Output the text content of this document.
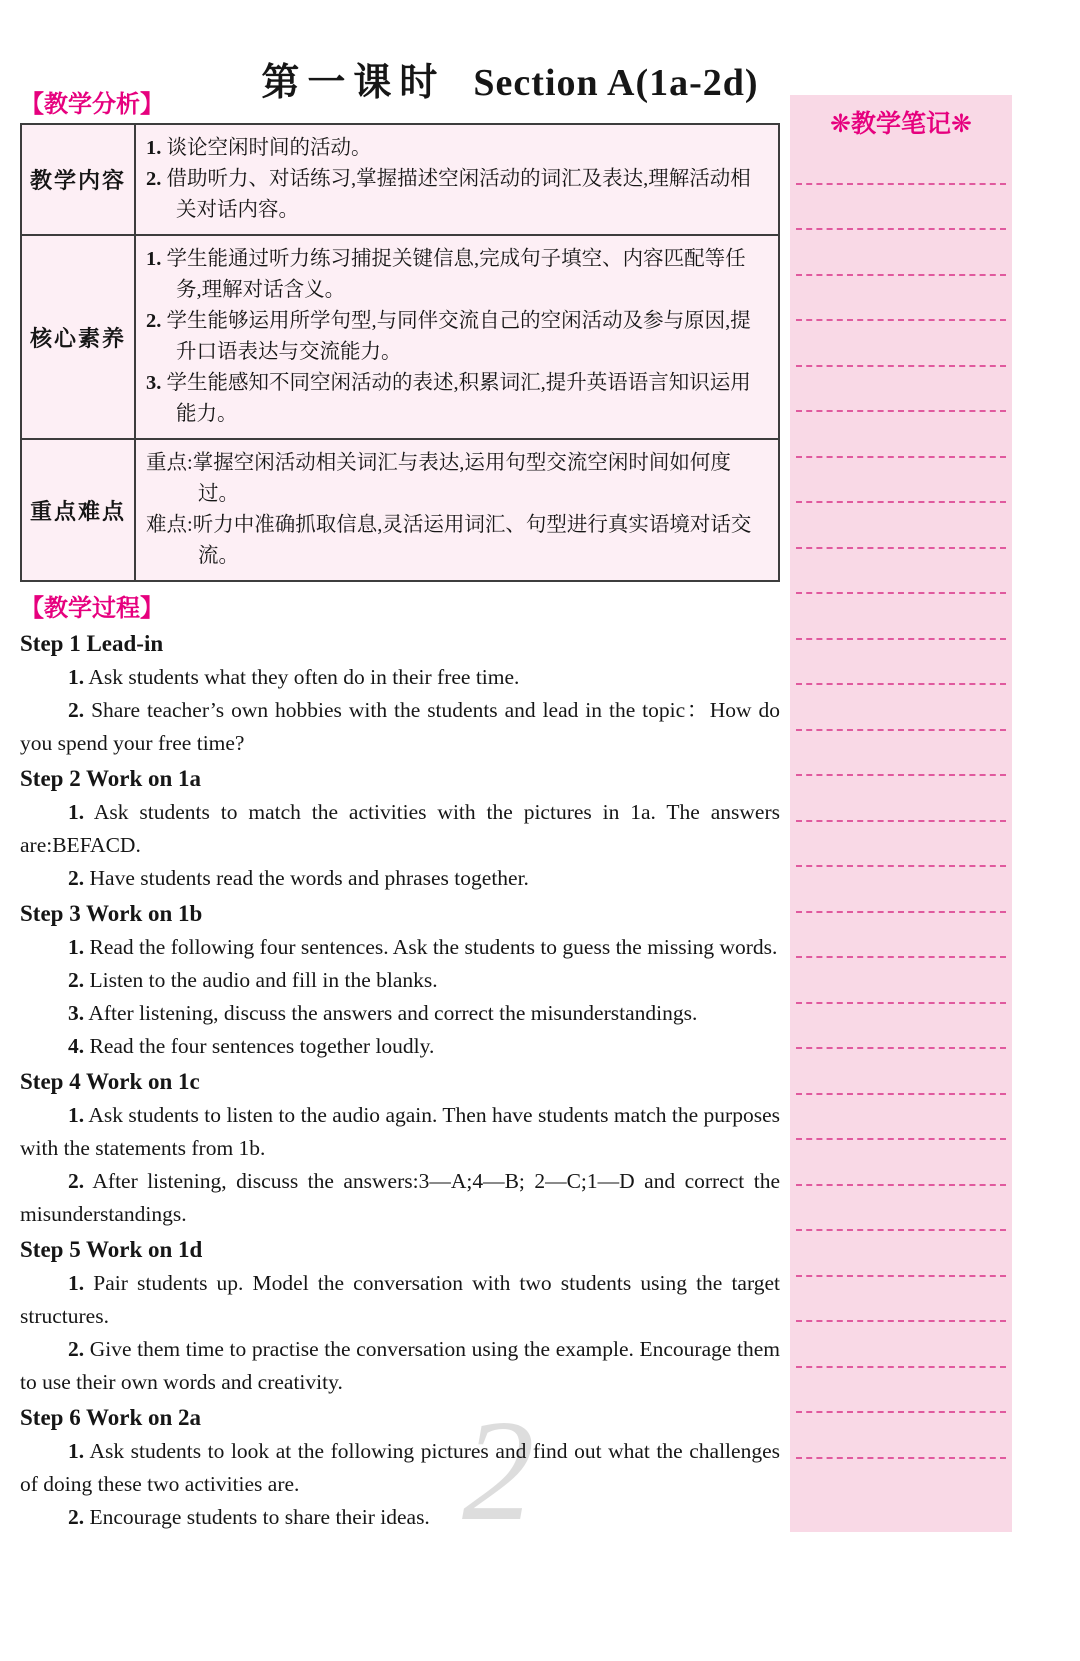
第一课时 Section A(1a-2d)
【教学分析】
教学内容	1. 谈论空闲时间的活动。

2. 借助听力、对话练习,掌握描述空闲活动的词汇及表达,理解活动相关对话内容。

核心素养	1. 学生能通过听力练习捕捉关键信息,完成句子填空、内容匹配等任务,理解对话含义。

2. 学生能够运用所学句型,与同伴交流自己的空闲活动及参与原因,提升口语表达与交流能力。

3. 学生能感知不同空闲活动的表述,积累词汇,提升英语语言知识运用能力。

重点难点	重点:掌握空闲活动相关词汇与表达,运用句型交流空闲时间如何度过。

难点:听力中准确抓取信息,灵活运用词汇、句型进行真实语境对话交流。

【教学过程】
Step 1 Lead-in

1. Ask students what they often do in their free time.

2. Share teacher’s own hobbies with the students and lead in the topic：How do you spend your free time?

Step 2 Work on 1a

1. Ask students to match the activities with the pictures in 1a. The answers are:BEFACD.

2. Have students read the words and phrases together.

Step 3 Work on 1b

1. Read the following four sentences. Ask the students to guess the missing words.

2. Listen to the audio and fill in the blanks.

3. After listening, discuss the answers and correct the misunderstandings.

4. Read the four sentences together loudly.

Step 4 Work on 1c

1. Ask students to listen to the audio again. Then have students match the purposes with the statements from 1b.

2. After listening, discuss the answers:3—A;4—B; 2—C;1—D and correct the misunderstandings.

Step 5 Work on 1d

1. Pair students up. Model the conversation with two students using the target structures.

2. Give them time to practise the conversation using the example. Encourage them to use their own words and creativity.

Step 6 Work on 2a

1. Ask students to look at the following pictures and find out what the challenges of doing these two activities are.

2. Encourage students to share their ideas.

❋教学笔记❋
2
